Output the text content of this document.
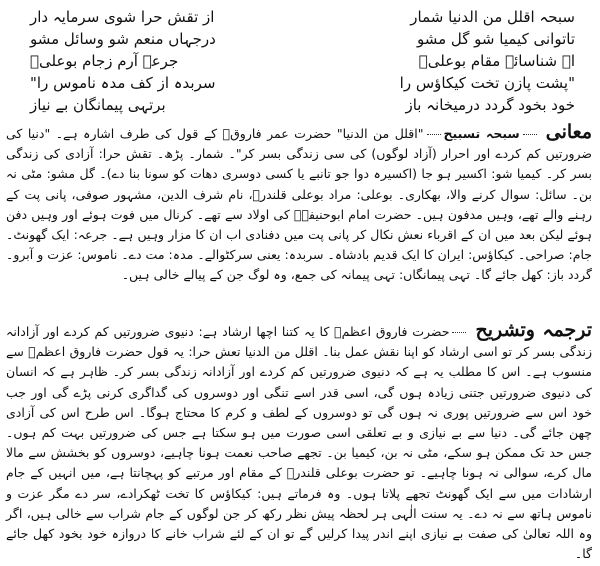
سبحہ اقلل من الدنیا شمار
از تقش حرا شوی سرمایہ دار
تاتوانی کیمیا شو گل مشو
درجہاں منعم شو وسائل مشو
اے شناسائے مقام بوعلیؒ
جرعہ آرم زجام بوعلیؒ
"پشت پازن تخت کیکاؤس را
سربدہ از کف مدہ ناموس را"
خود بخود گردد درمیخانہ باز
برتہی پیمانگان بے نیاز
معانیسبحہ تسبیح"اقلل من الدنیا" حضرت عمر فاروقؓ کے قول کی طرف اشارہ ہے۔ "دنیا کی ضرورتیں کم کردے اور احرار (آزاد لوگوں) کی سی زندگی بسر کر"۔ شمار۔ پڑھ۔ تقش حرا: آزادی کی زندگی بسر کر۔ کیمیا شو: اکسیر ہو جا (اکسیرہ دوا جو تانبے یا کسی دوسری دھات کو سونا بنا دے)۔ گل مشو: مٹی نہ بن۔ سائل: سوال کرنے والا، بھکاری۔ بوعلی: مراد بوعلی قلندرؒ، نام شرف الدین، مشہور صوفی، پانی پت کے رہنے والے تھے، وہیں مدفون ہیں۔ حضرت امام ابوحنیفہؒ کی اولاد سے تھے۔ کرنال میں فوت ہوئے اور وہیں دفن ہوئے لیکن بعد میں ان کے اقرباء نعش نکال کر پانی پت میں دفنادی اب ان کا مزار وہیں ہے۔ جرعہ: ایک گھونٹ۔ جام: صراحی۔ کیکاؤس: ایران کا ایک قدیم بادشاہ۔ سربدہ: یعنی سرکٹوالے۔ مدہ: مت دے۔ ناموس: عزت و آبرو۔ گردد باز: کھل جائے گا۔ تہی پیمانگاں: تہی پیمانہ کی جمع، وہ لوگ جن کے پیالے خالی ہیں۔
ترجمہ وتشریححضرت فاروق اعظمؓ کا یہ کتنا اچھا ارشاد ہے: دنیوی ضرورتیں کم کردے اور آزادانہ زندگی بسر کر تو اسی ارشاد کو اپنا نقش عمل بنا۔ اقلل من الدنیا تعش حرا: یہ قول حضرت فاروق اعظمؓ سے منسوب ہے۔ اس کا مطلب یہ ہے کہ دنیوی ضرورتیں کم کردے اور آزادانہ زندگی بسر کر۔ ظاہر ہے کہ انسان کی دنیوی ضرورتیں جتنی زیادہ ہوں گی، اسی قدر اسے تنگی اور دوسروں کی گداگری کرنی پڑے گی اور جب خود اس سے ضرورتیں پوری نہ ہوں گی تو دوسروں کے لطف و کرم کا محتاج ہوگا۔ اس طرح اس کی آزادی چھن جائے گی۔ دنیا سے بے نیازی و بے تعلقی اسی صورت میں ہو سکتا ہے جس کی ضرورتیں بہت کم ہوں۔ جس حد تک ممکن ہو سکے، مٹی نہ بن، کیمیا بن۔ تجھے صاحب نعمت ہونا چاہیے، دوسروں کو بخشش سے مالا مال کرے، سوالی نہ ہونا چاہیے۔ تو حضرت بوعلی قلندرؒ کے مقام اور مرتبے کو پہچانتا ہے، میں انہیں کے جام ارشادات میں سے ایک گھونٹ تجھے پلاتا ہوں۔ وہ فرماتے ہیں: کیکاؤس کا تخت ٹھکرادے، سر دے مگر عزت و ناموس ہاتھ سے نہ دے۔ یہ سنت الٰہی ہر لحظہ پیش نظر رکھ کر جن لوگوں کے جام شراب سے خالی ہیں، اگر وہ اللہ تعالیٰ کی صفت بے نیازی اپنے اندر پیدا کرلیں گے تو ان کے لئے شراب خانے کا دروازہ خود بخود کھل جائے گا۔
